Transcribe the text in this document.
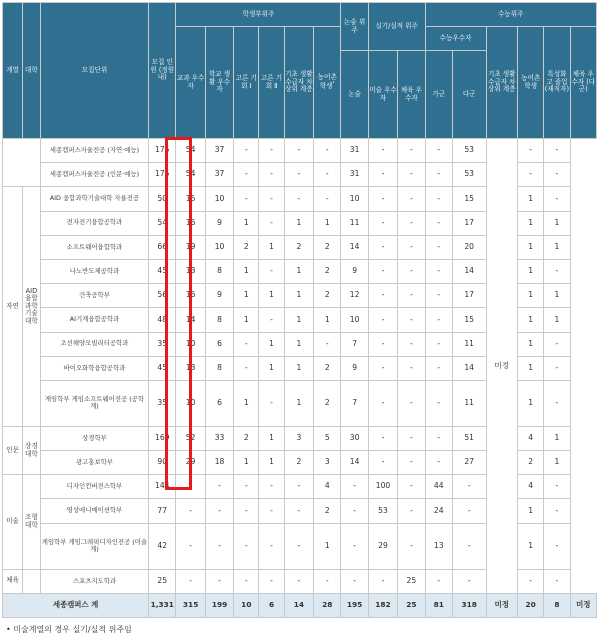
계열	대학	모집단위	모집 인원 (정원내)	학생부위주						논술 위주	실기/실적 위주		수능위주					
				교과 우수자	학교 생활 우수자	고른 기회 Ⅰ	고른 기회 Ⅱ	기초 생활 수급자 차상위 계층	농어촌 학생$^{^1}$				수능우수자		기초 생활 수급자 차상위 계층	농어촌 학생	특성화 고 졸업 (재직자)	체육 우수자 (다군)
										논술	미술 우수자	체육 우수자	가군	다군				
		세종캠퍼스자율전공 (자연·예능)	175	54	37	-	-	-	-	31	-	-	-	53	미정	-	-	
		세종캠퍼스자율전공 (인문·예능)	175	54	37	-	-	-	-	31	-	-	-	53		-	-	
자연	AID 융합 과학 기술 대학	AID 융합과학기술대학 자율전공	50	15	10	-	-	-	-	10	-	-	-	15		1	-	
		전자전기융합공학과	54	16	9	1	-	1	1	11	-	-	-	17		1	1	
		소프트웨어융합학과	66	19	10	2	1	2	2	14	-	-	-	20		1	1	
		나노반도체공학과	45	13	8	1	-	1	2	9	-	-	-	14		1	-	
		건축공학부	56	16	9	1	1	1	2	12	-	-	-	17		1	1	
		AI기계융합공학과	48	14	8	1	-	1	1	10	-	-	-	15		1	1	
		조선해양모빌리티공학과	35	10	6	-	1	1	-	7	-	-	-	11		1	-	
		바이오화학융합공학과	45	13	8	-	1	1	2	9	-	-	-	14		1	-	
		게임학부 게임소프트웨어전공 (공학계)	35	10	6	1	-	1	2	7	-	-	-	11		1	-	
인문	상경 대학	상경학부	169	52	33	2	1	3	5	30	-	-	-	51		4	1	
		광고홍보학부	90	29	18	1	1	2	3	14	-	-	-	27		2	1	
미술	조형 대학	디자인컨버전스학부	144	-	-	-	-	-	4	-	100	-	44	-		4	-	
		영상애니메이션학부	77	-	-	-	-	-	2	-	53	-	24	-		1	-	
		게임학부 게임그래픽디자인전공 (미술계)	42	-	-	-	-	-	1	-	29	-	13	-		1	-	
체육		스포츠지도학과	25	-	-	-	-	-	-	-	-	25	-	-		-	-	
세종캠퍼스 계			1,331	315	199	10	6	14	28	195	182	25	81	318	미정	20	8	미정
• 미술계열의 경우 실기/실적 위주임
